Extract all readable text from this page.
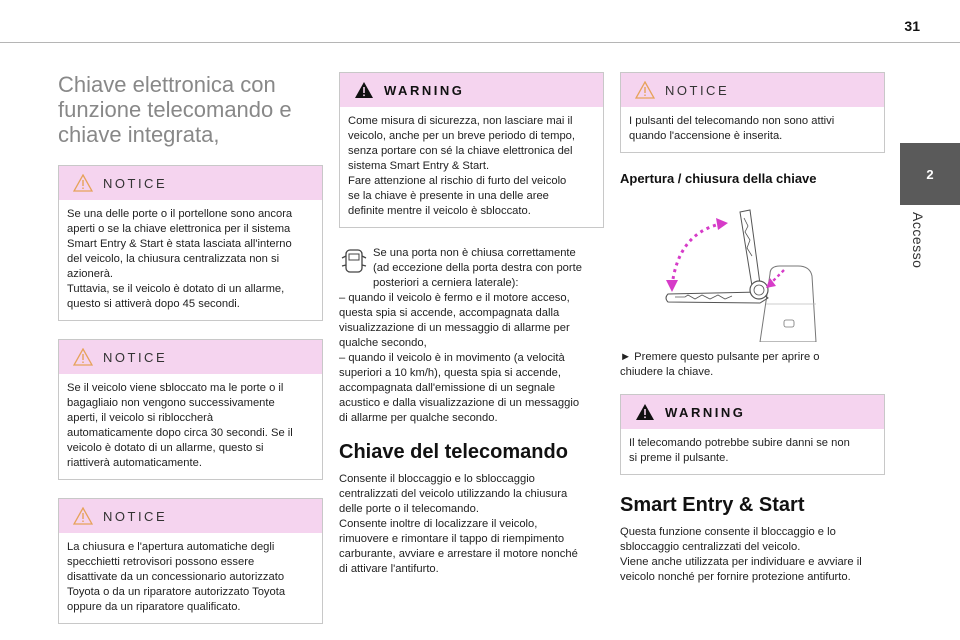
31
2
Accesso
Chiave elettronica con
funzione telecomando e
chiave integrata,
NOTICE
Se una delle porte o il portellone sono ancora
aperti o se la chiave elettronica per il sistema
Smart Entry & Start è stata lasciata all'interno
del veicolo, la chiusura centralizzata non si
azionerà.
Tuttavia, se il veicolo è dotato di un allarme,
questo si attiverà dopo 45 secondi.
NOTICE
Se il veicolo viene sbloccato ma le porte o il
bagagliaio non vengono successivamente
aperti, il veicolo si riblocc​herà
automaticamente dopo circa 30 secondi. Se il
veicolo è dotato di un allarme, questo si
riattiverà automaticamente.
NOTICE
La chiusura e l'apertura automatiche degli
specchietti retrovisori possono essere
disattivate da un concessionario autorizzato
Toyota o da un riparatore autorizzato Toyota
oppure da un riparatore qualificato.
WARNING
Come misura di sicurezza, non lasciare mai il
veicolo, anche per un breve periodo di tempo,
senza portare con sé la chiave elettronica del
sistema Smart Entry & Start.
Fare attenzione al rischio di furto del veicolo
se la chiave è presente in una delle aree
definite mentre il veicolo è sbloccato.
Se una porta non è chiusa correttamente
(ad eccezione della porta destra con porte
posteriori a cerniera laterale):
– quando il veicolo è fermo e il motore acceso,
questa spia si accende, accompagnata dalla
visualizzazione di un messaggio di allarme per
qualche secondo,
– quando il veicolo è in movimento (a velocità
superiori a 10 km/h), questa spia si accende,
accompagnata dall'emissione di un segnale
acustico e dalla visualizzazione di un messaggio
di allarme per qualche secondo.
Chiave del telecomando
Consente il bloccaggio e lo sbloccaggio
centralizzati del veicolo utilizzando la chiusura
delle porte o il telecomando.
Consente inoltre di localizzare il veicolo,
rimuovere e rimontare il tappo di riempimento
carburante, avviare e arrestare il motore nonché
di attivare l'antifurto.
NOTICE
I pulsanti del telecomando non sono attivi
quando l'accensione è inserita.
Apertura / chiusura della chiave
► Premere questo pulsante per aprire o
chiudere la chiave.
WARNING
Il telecomando potrebbe subire danni se non
si preme il pulsante.
Smart Entry & Start
Questa funzione consente il bloccaggio e lo
sbloccaggio centralizzati del veicolo.
Viene anche utilizzata per individuare e avviare il
veicolo nonché per fornire protezione antifurto.
